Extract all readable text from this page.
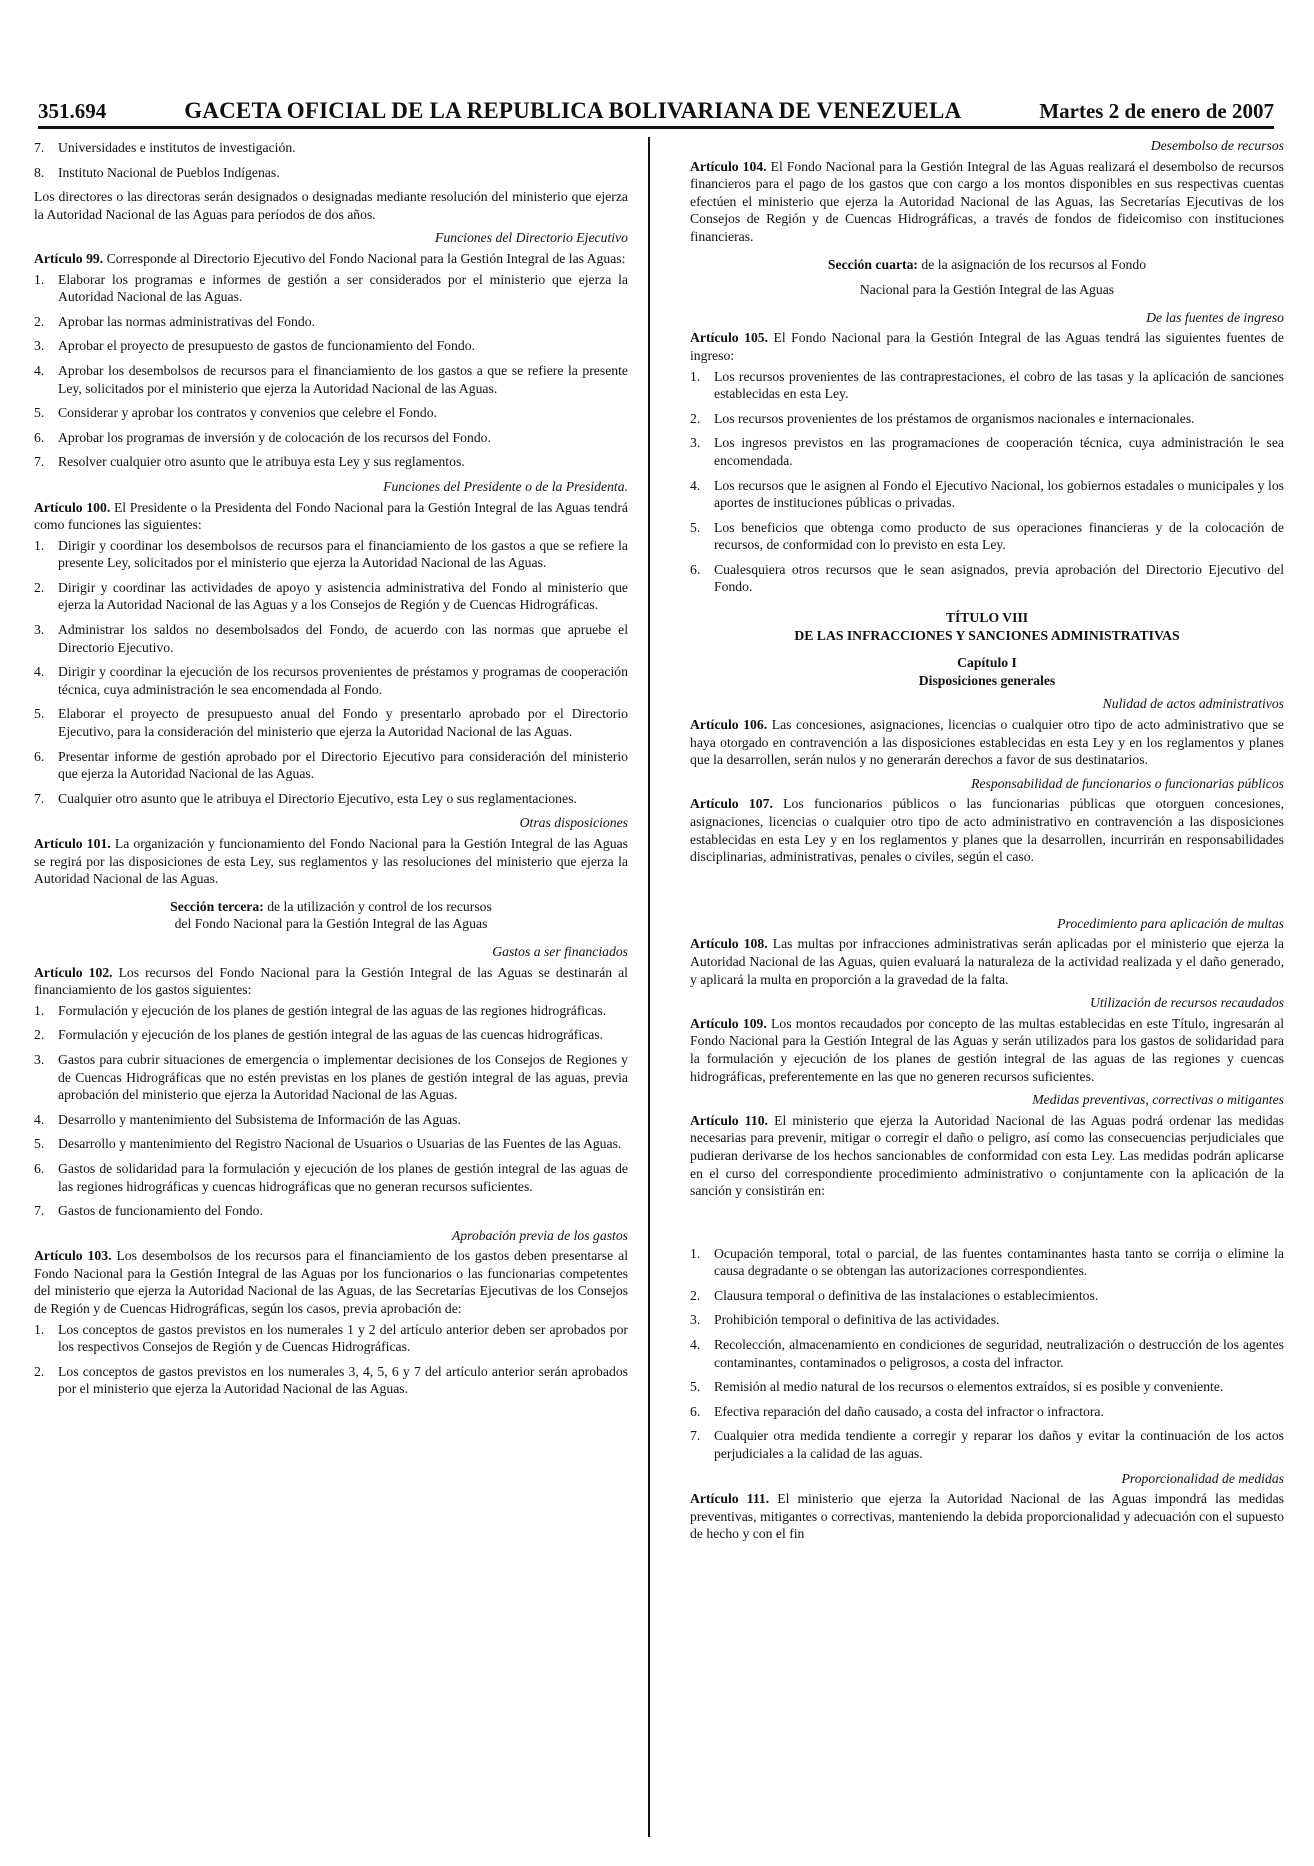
351.694	GACETA OFICIAL DE LA REPUBLICA BOLIVARIANA DE VENEZUELA	Martes 2 de enero de 2007
7.	Universidades e institutos de investigación.
8.	Instituto Nacional de Pueblos Indígenas.

Los directores o las directoras serán designados o designadas mediante resolución del ministerio que ejerza la Autoridad Nacional de las Aguas para períodos de dos años.

Funciones del Directorio Ejecutivo

Artículo 99. Corresponde al Directorio Ejecutivo del Fondo Nacional para la Gestión Integral de las Aguas:

1.	Elaborar los programas e informes de gestión a ser considerados por el ministerio que ejerza la Autoridad Nacional de las Aguas.
2.	Aprobar las normas administrativas del Fondo.
3.	Aprobar el proyecto de presupuesto de gastos de funcionamiento del Fondo.
4.	Aprobar los desembolsos de recursos para el financiamiento de los gastos a que se refiere la presente Ley, solicitados por el ministerio que ejerza la Autoridad Nacional de las Aguas.
5.	Considerar y aprobar los contratos y convenios que celebre el Fondo.
6.	Aprobar los programas de inversión y de colocación de los recursos del Fondo.
7.	Resolver cualquier otro asunto que le atribuya esta Ley y sus reglamentos.

Funciones del Presidente o de la Presidenta.

Artículo 100. El Presidente o la Presidenta del Fondo Nacional para la Gestión Integral de las Aguas tendrá como funciones las siguientes:

1.	Dirigir y coordinar los desembolsos de recursos para el financiamiento de los gastos a que se refiere la presente Ley, solicitados por el ministerio que ejerza la Autoridad Nacional de las Aguas.
2.	Dirigir y coordinar las actividades de apoyo y asistencia administrativa del Fondo al ministerio que ejerza la Autoridad Nacional de las Aguas y a los Consejos de Región y de Cuencas Hidrográficas.
3.	Administrar los saldos no desembolsados del Fondo, de acuerdo con las normas que apruebe el Directorio Ejecutivo.
4.	Dirigir y coordinar la ejecución de los recursos provenientes de préstamos y programas de cooperación técnica, cuya administración le sea encomendada al Fondo.
5.	Elaborar el proyecto de presupuesto anual del Fondo y presentarlo aprobado por el Directorio Ejecutivo, para la consideración del ministerio que ejerza la Autoridad Nacional de las Aguas.
6.	Presentar informe de gestión aprobado por el Directorio Ejecutivo para consideración del ministerio que ejerza la Autoridad Nacional de las Aguas.
7.	Cualquier otro asunto que le atribuya el Directorio Ejecutivo, esta Ley o sus reglamentaciones.

Otras disposiciones

Artículo 101. La organización y funcionamiento del Fondo Nacional para la Gestión Integral de las Aguas se regirá por las disposiciones de esta Ley, sus reglamentos y las resoluciones del ministerio que ejerza la Autoridad Nacional de las Aguas.

Sección tercera: de la utilización y control de los recursos
del Fondo Nacional para la Gestión Integral de las Aguas

Gastos a ser financiados

Artículo 102. Los recursos del Fondo Nacional para la Gestión Integral de las Aguas se destinarán al financiamiento de los gastos siguientes:

1.	Formulación y ejecución de los planes de gestión integral de las aguas de las regiones hidrográficas.
2.	Formulación y ejecución de los planes de gestión integral de las aguas de las cuencas hidrográficas.
3.	Gastos para cubrir situaciones de emergencia o implementar decisiones de los Consejos de Regiones y de Cuencas Hidrográficas que no estén previstas en los planes de gestión integral de las aguas, previa aprobación del ministerio que ejerza la Autoridad Nacional de las Aguas.
4.	Desarrollo y mantenimiento del Subsistema de Información de las Aguas.
5.	Desarrollo y mantenimiento del Registro Nacional de Usuarios o Usuarias de las Fuentes de las Aguas.
6.	Gastos de solidaridad para la formulación y ejecución de los planes de gestión integral de las aguas de las regiones hidrográficas y cuencas hidrográficas que no generan recursos suficientes.
7.	Gastos de funcionamiento del Fondo.

Aprobación previa de los gastos

Artículo 103. Los desembolsos de los recursos para el financiamiento de los gastos deben presentarse al Fondo Nacional para la Gestión Integral de las Aguas por los funcionarios o las funcionarias competentes del ministerio que ejerza la Autoridad Nacional de las Aguas, de las Secretarías Ejecutivas de los Consejos de Región y de Cuencas Hidrográficas, según los casos, previa aprobación de:

1.	Los conceptos de gastos previstos en los numerales 1 y 2 del artículo anterior deben ser aprobados por los respectivos Consejos de Región y de Cuencas Hidrográficas.
2.	Los conceptos de gastos previstos en los numerales 3, 4, 5, 6 y 7 del artículo anterior serán aprobados por el ministerio que ejerza la Autoridad Nacional de las Aguas.

Desembolso de recursos

Artículo 104. El Fondo Nacional para la Gestión Integral de las Aguas realizará el desembolso de recursos financieros para el pago de los gastos que con cargo a los montos disponibles en sus respectivas cuentas efectúen el ministerio que ejerza la Autoridad Nacional de las Aguas, las Secretarías Ejecutivas de los Consejos de Región y de Cuencas Hidrográficas, a través de fondos de fideicomiso con instituciones financieras.

Sección cuarta: de la asignación de los recursos al Fondo
Nacional para la Gestión Integral de las Aguas

De las fuentes de ingreso

Artículo 105. El Fondo Nacional para la Gestión Integral de las Aguas tendrá las siguientes fuentes de ingreso:

1.	Los recursos provenientes de las contraprestaciones, el cobro de las tasas y la aplicación de sanciones establecidas en esta Ley.
2.	Los recursos provenientes de los préstamos de organismos nacionales e internacionales.
3.	Los ingresos previstos en las programaciones de cooperación técnica, cuya administración le sea encomendada.
4.	Los recursos que le asignen al Fondo el Ejecutivo Nacional, los gobiernos estadales o municipales y los aportes de instituciones públicas o privadas.
5.	Los beneficios que obtenga como producto de sus operaciones financieras y de la colocación de recursos, de conformidad con lo previsto en esta Ley.
6.	Cualesquiera otros recursos que le sean asignados, previa aprobación del Directorio Ejecutivo del Fondo.
TÍTULO VIII
DE LAS INFRACCIONES Y SANCIONES ADMINISTRATIVAS
Capítulo I
Disposiciones generales

Nulidad de actos administrativos

Artículo 106. Las concesiones, asignaciones, licencias o cualquier otro tipo de acto administrativo que se haya otorgado en contravención a las disposiciones establecidas en esta Ley y en los reglamentos y planes que la desarrollen, serán nulos y no generarán derechos a favor de sus destinatarios.

Responsabilidad de funcionarios o funcionarias públicos

Artículo 107. Los funcionarios públicos o las funcionarias públicas que otorguen concesiones, asignaciones, licencias o cualquier otro tipo de acto administrativo en contravención a las disposiciones establecidas en esta Ley y en los reglamentos y planes que la desarrollen, incurrirán en responsabilidades disciplinarias, administrativas, penales o civiles, según el caso.

Procedimiento para aplicación de multas

Artículo 108. Las multas por infracciones administrativas serán aplicadas por el ministerio que ejerza la Autoridad Nacional de las Aguas, quien evaluará la naturaleza de la actividad realizada y el daño generado, y aplicará la multa en proporción a la gravedad de la falta.

Utilización de recursos recaudados

Artículo 109. Los montos recaudados por concepto de las multas establecidas en este Título, ingresarán al Fondo Nacional para la Gestión Integral de las Aguas y serán utilizados para los gastos de solidaridad para la formulación y ejecución de los planes de gestión integral de las aguas de las regiones y cuencas hidrográficas, preferentemente en las que no generen recursos suficientes.

Medidas preventivas, correctivas o mitigantes

Artículo 110. El ministerio que ejerza la Autoridad Nacional de las Aguas podrá ordenar las medidas necesarias para prevenir, mitigar o corregir el daño o peligro, así como las consecuencias perjudiciales que pudieran derivarse de los hechos sancionables de conformidad con esta Ley. Las medidas podrán aplicarse en el curso del correspondiente procedimiento administrativo o conjuntamente con la aplicación de la sanción y consistirán en:

1.	Ocupación temporal, total o parcial, de las fuentes contaminantes hasta tanto se corrija o elimine la causa degradante o se obtengan las autorizaciones correspondientes.
2.	Clausura temporal o definitiva de las instalaciones o establecimientos.
3.	Prohibición temporal o definitiva de las actividades.
4.	Recolección, almacenamiento en condiciones de seguridad, neutralización o destrucción de los agentes contaminantes, contaminados o peligrosos, a costa del infractor.
5.	Remisión al medio natural de los recursos o elementos extraídos, si es posible y conveniente.
6.	Efectiva reparación del daño causado, a costa del infractor o infractora.
7.	Cualquier otra medida tendiente a corregir y reparar los daños y evitar la continuación de los actos perjudiciales a la calidad de las aguas.

Proporcionalidad de medidas

Artículo 111. El ministerio que ejerza la Autoridad Nacional de las Aguas impondrá las medidas preventivas, mitigantes o correctivas, manteniendo la debida proporcionalidad y adecuación con el supuesto de hecho y con el fin
